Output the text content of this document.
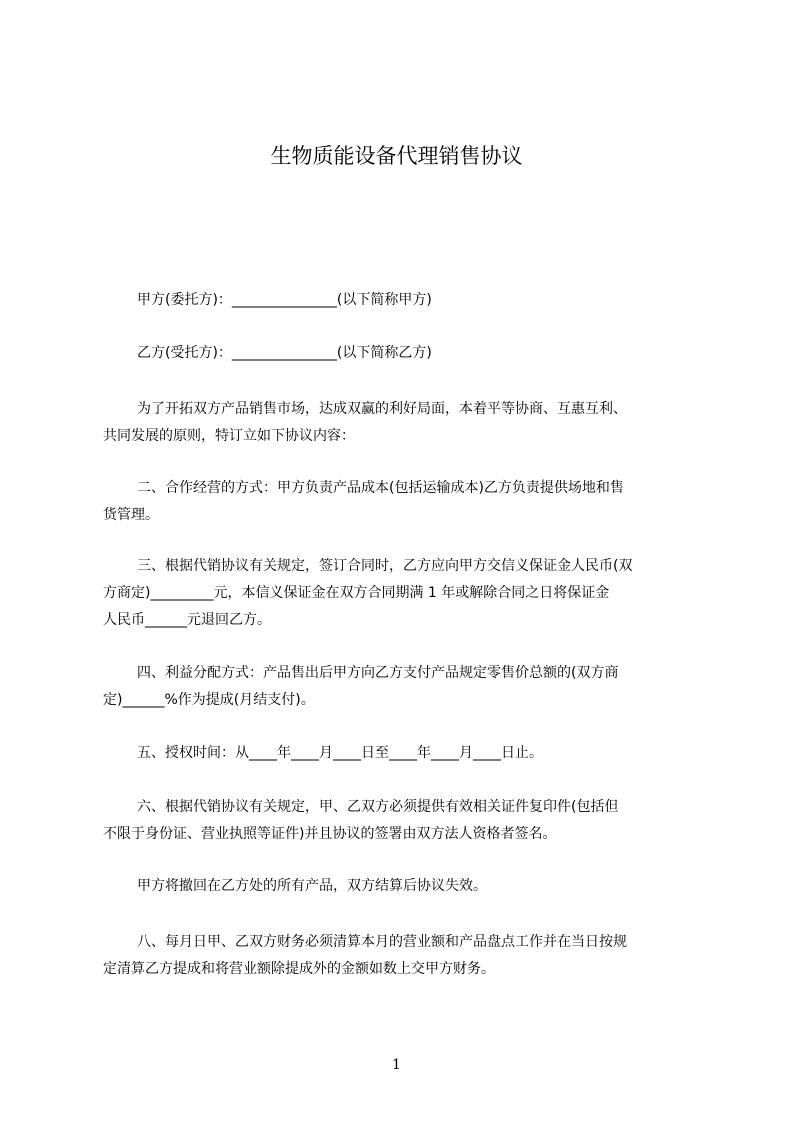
生物质能设备代理销售协议
甲方(委托方)：_______________(以下简称甲方)
乙方(受托方)：_______________(以下简称乙方)
为了开拓双方产品销售市场，达成双赢的利好局面，本着平等协商、互惠互利、
共同发展的原则，特订立如下协议内容：
二、合作经营的方式：甲方负责产品成本(包括运输成本)乙方负责提供场地和售
货管理。
三、根据代销协议有关规定，签订合同时，乙方应向甲方交信义保证金人民币(双
方商定)_________元，本信义保证金在双方合同期满 1 年或解除合同之日将保证金
人民币______元退回乙方。
四、利益分配方式：产品售出后甲方向乙方支付产品规定零售价总额的(双方商
定)______%作为提成(月结支付)。
五、授权时间：从____年____月____日至____年____月____日止。
六、根据代销协议有关规定，甲、乙双方必须提供有效相关证件复印件(包括但
不限于身份证、营业执照等证件)并且协议的签署由双方法人资格者签名。
甲方将撤回在乙方处的所有产品，双方结算后协议失效。
八、每月日甲、乙双方财务必须清算本月的营业额和产品盘点工作并在当日按规
定清算乙方提成和将营业额除提成外的金额如数上交甲方财务。
1
